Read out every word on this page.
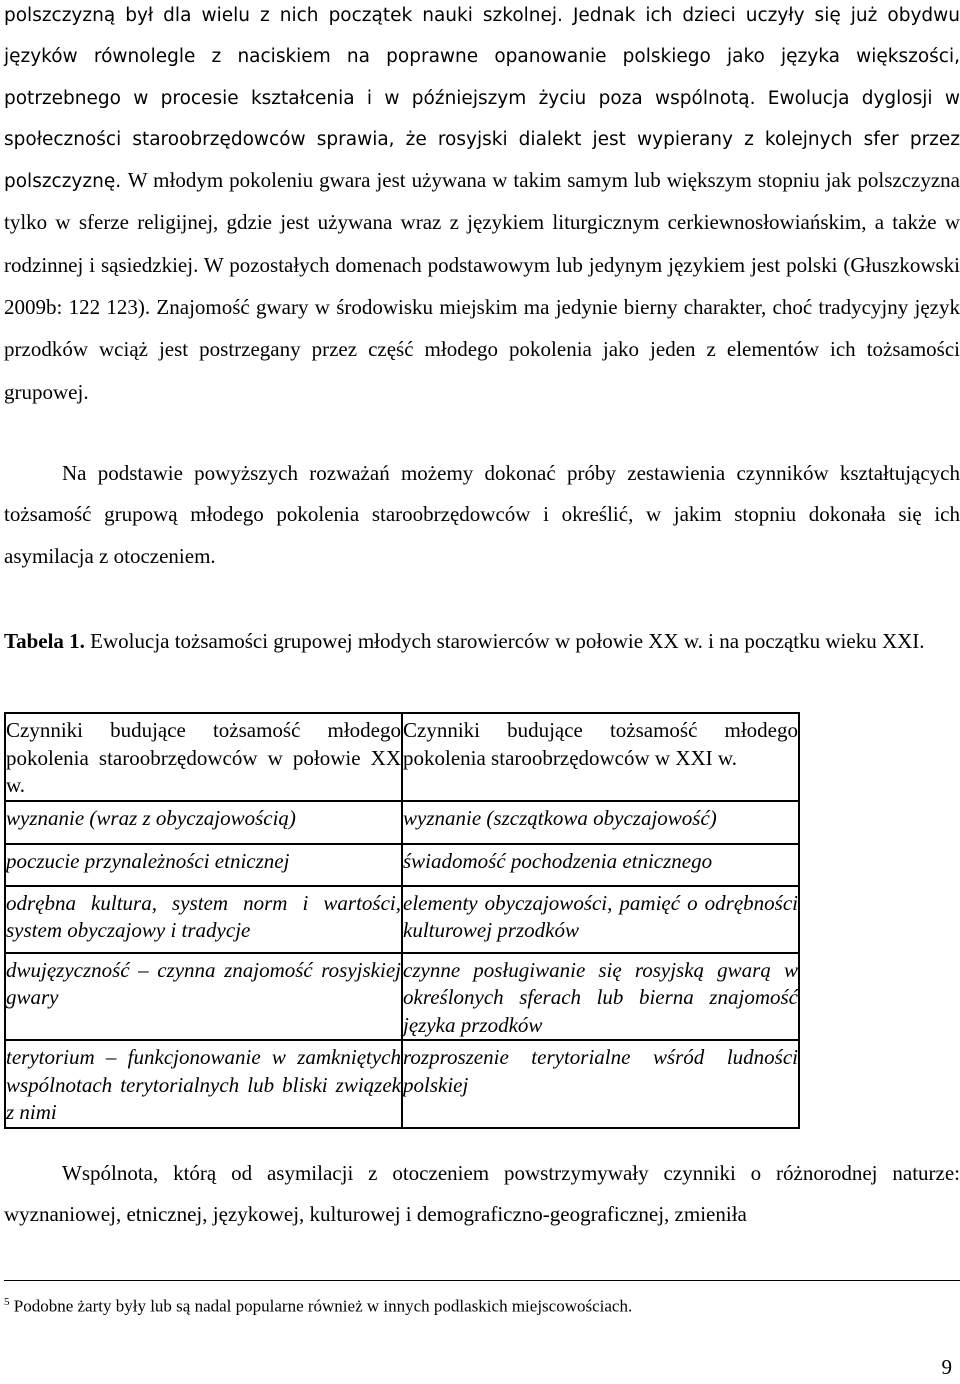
polszczyzną był dla wielu z nich początek nauki szkolnej. Jednak ich dzieci uczyły się już obydwu języków równolegle z naciskiem na poprawne opanowanie polskiego jako języka większości, potrzebnego w procesie kształcenia i w późniejszym życiu poza wspólnotą. Ewolucja dyglosji w społeczności staroobrzędowców sprawia, że rosyjski dialekt jest wypierany z kolejnych sfer przez polszczyznę. W młodym pokoleniu gwara jest używana w takim samym lub większym stopniu jak polszczyzna tylko w sferze religijnej, gdzie jest używana wraz z językiem liturgicznym cerkiewnosłowiańskim, a także w rodzinnej i sąsiedzkiej. W pozostałych domenach podstawowym lub jedynym językiem jest polski (Głuszkowski 2009b: 122 123). Znajomość gwary w środowisku miejskim ma jedynie bierny charakter, choć tradycyjny język przodków wciąż jest postrzegany przez część młodego pokolenia jako jeden z elementów ich tożsamości grupowej.

Na podstawie powyższych rozważań możemy dokonać próby zestawienia czynników kształtujących tożsamość grupową młodego pokolenia staroobrzędowców i określić, w jakim stopniu dokonała się ich asymilacja z otoczeniem.

Tabela 1. Ewolucja tożsamości grupowej młodych starowierców w połowie XX w. i na początku wieku XXI.

Czynniki budujące tożsamość młodego pokolenia staroobrzędowców w połowie XX w.	Czynniki budujące tożsamość młodego pokolenia staroobrzędowców w XXI w.
wyznanie (wraz z obyczajowością)	wyznanie (szczątkowa obyczajowość)
poczucie przynależności etnicznej	świadomość pochodzenia etnicznego
odrębna kultura, system norm i wartości, system obyczajowy i tradycje	elementy obyczajowości, pamięć o odrębności kulturowej przodków
dwujęzyczność – czynna znajomość rosyjskiej gwary	czynne posługiwanie się rosyjską gwarą w określonych sferach lub bierna znajomość języka przodków
terytorium – funkcjonowanie w zamkniętych wspólnotach terytorialnych lub bliski związek z nimi	rozproszenie terytorialne wśród ludności polskiej

Wspólnota, którą od asymilacji z otoczeniem powstrzymywały czynniki o różnorodnej naturze: wyznaniowej, etnicznej, językowej, kulturowej i demograficzno-geograficznej, zmieniła

$^5$ Podobne żarty były lub są nadal popularne również w innych podlaskich miejscowościach.
9
